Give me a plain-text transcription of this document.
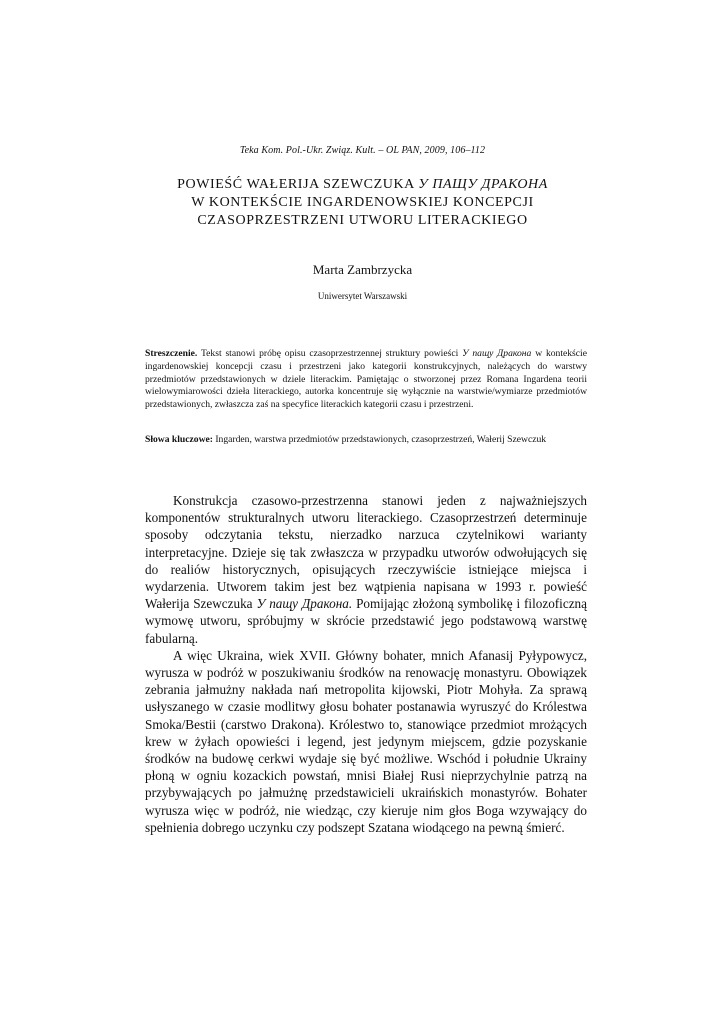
Teka Kom. Pol.-Ukr. Związ. Kult. – OL PAN, 2009, 106–112
POWIEŚĆ WAŁERIJA SZEWCZUKA У ПАЩУ ДРАКОНА
W KONTEKŚCIE INGARDENOWSKIEJ KONCEPCJI
CZASOPRZESTRZENI UTWORU LITERACKIEGO
Marta Zambrzycka
Uniwersytet Warszawski
Streszczenie. Tekst stanowi próbę opisu czasoprzestrzennej struktury powieści У пащу Дракона w kontekście ingardenowskiej koncepcji czasu i przestrzeni jako kategorii konstrukcyjnych, należących do warstwy przedmiotów przedstawionych w dziele literackim. Pamiętając o stworzonej przez Romana Ingardena teorii wielowymiarowości dzieła literackiego, autorka koncentruje się wyłącznie na warstwie/wymiarze przedmiotów przedstawionych, zwłaszcza zaś na specyfice literackich kategorii czasu i przestrzeni.
Słowa kluczowe: Ingarden, warstwa przedmiotów przedstawionych, czasoprzestrzeń, Wałerij Szewczuk

Konstrukcja czasowo-przestrzenna stanowi jeden z najważniejszych komponentów strukturalnych utworu literackiego. Czasoprzestrzeń determinuje sposoby odczytania tekstu, nierzadko narzuca czytelnikowi warianty interpretacyjne. Dzieje się tak zwłaszcza w przypadku utworów odwołujących się do realiów historycznych, opisujących rzeczywiście istniejące miejsca i wydarzenia. Utworem takim jest bez wątpienia napisana w 1993 r. powieść Wałerija Szewczuka У пащу Дракона. Pomijając złożoną symbolikę i filozoficzną wymowę utworu, spróbujmy w skrócie przedstawić jego podstawową warstwę fabularną.

A więc Ukraina, wiek XVII. Główny bohater, mnich Afanasij Pyłypowycz, wyrusza w podróż w poszukiwaniu środków na renowację monastyru. Obowiązek zebrania jałmużny nakłada nań metropolita kijowski, Piotr Mohyła. Za sprawą usłyszanego w czasie modlitwy głosu bohater postanawia wyruszyć do Królestwa Smoka/Bestii (carstwo Drakona). Królestwo to, stanowiące przedmiot mrożących krew w żyłach opowieści i legend, jest jedynym miejscem, gdzie pozyskanie środków na budowę cerkwi wydaje się być możliwe. Wschód i południe Ukrainy płoną w ogniu kozackich powstań, mnisi Białej Rusi nieprzychylnie patrzą na przybywających po jałmużnę przedstawicieli ukraińskich monastyrów. Bohater wyrusza więc w podróż, nie wiedząc, czy kieruje nim głos Boga wzywający do spełnienia dobrego uczynku czy podszept Szatana wiodącego na pewną śmierć.
